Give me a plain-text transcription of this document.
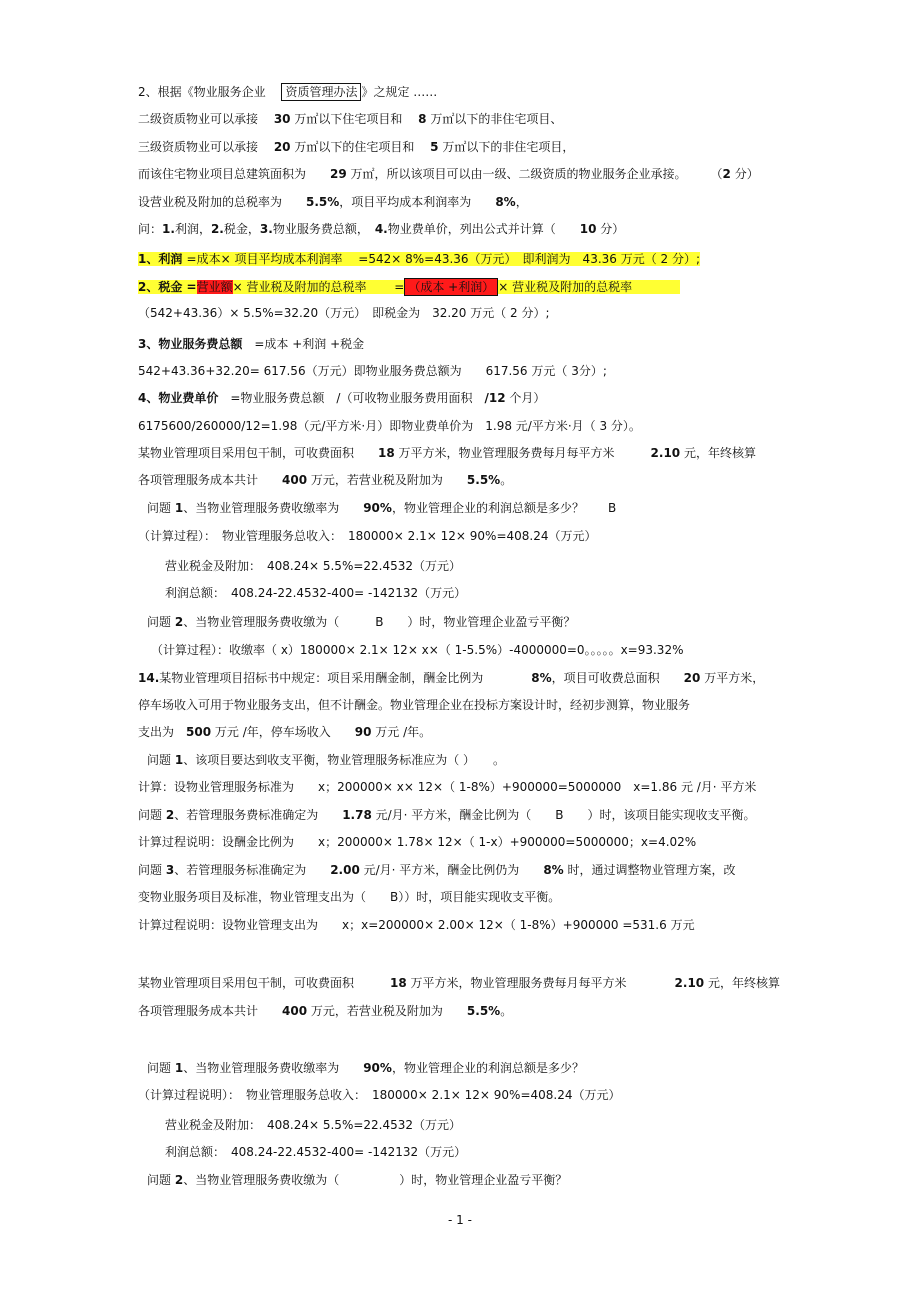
2、根据《物业服务企业　 资质管理办法 》之规定 ……
二级资质物业可以承接　 30 万㎡以下住宅项目和　 8 万㎡以下的非住宅项目、
三级资质物业可以承接　 20 万㎡以下的住宅项目和　 5 万㎡以下的非住宅项目，
而该住宅物业项目总建筑面积为　　29 万㎡，所以该项目可以由一级、二级资质的物业服务企业承接。　　　（2 分）
设营业税及附加的总税率为　　5.5%，项目平均成本利润率为　　8%，
问：1.利润，2.税金，3.物业服务费总额，　4.物业费单价，列出公式并计算（　　10 分）
1、利润 =成本× 项目平均成本利润率　 =542× 8%=43.36（万元）　即利润为　43.36 万元（ 2 分）;
2、税金 =营业额× 营业税及附加的总税率　　 = （成本 +利润） × 营业税及附加的总税率　　　　
（542+43.36）× 5.5%=32.20（万元）　即税金为　32.20 万元（ 2 分）;
3、物业服务费总额　=成本 +利润 +税金
542+43.36+32.20= 617.56（万元）即物业服务费总额为　　617.56 万元（ 3分）;
4、物业费单价　=物业服务费总额　/（可收物业服务费用面积　/12 个月）
6175600/260000/12=1.98（元/平方米·月）即物业费单价为　1.98 元/平方米·月（ 3 分）。
某物业管理项目采用包干制，可收费面积　　18 万平方米，物业管理服务费每月每平方米　　　2.10 元，年终核算
各项管理服务成本共计　　400 万元，若营业税及附加为　　5.5%。
问题 1、当物业管理服务费收缴率为　　90%，物业管理企业的利润总额是多少？　　B
（计算过程）：　物业管理服务总收入：　180000× 2.1× 12× 90%=408.24（万元）
营业税金及附加：　408.24× 5.5%=22.4532（万元）
利润总额：　408.24-22.4532-400= -142132（万元）
问题 2、当物业管理服务费收缴为（　　　B　　）时，物业管理企业盈亏平衡？
（计算过程）：收缴率（ x）180000× 2.1× 12× x×（ 1-5.5%）-4000000=0。。。。。x=93.32%
14.某物业管理项目招标书中规定：项目采用酬金制，酬金比例为　　　　8%，项目可收费总面积　　20 万平方米，
停车场收入可用于物业服务支出，但不计酬金。物业管理企业在投标方案设计时，经初步测算，物业服务
支出为　500 万元 /年，停车场收入　　90 万元 /年。
问题 1、该项目要达到收支平衡，物业管理服务标准应为（ ）　　。
计算：设物业管理服务标准为　　x；200000× x× 12×（ 1-8%）+900000=5000000　x=1.86 元 /月· 平方米
问题 2、若管理服务费标准确定为　　1.78 元/月· 平方米，酬金比例为（　　B　　）时，该项目能实现收支平衡。
计算过程说明：设酬金比例为　　x；200000× 1.78× 12×（ 1-x）+900000=5000000；x=4.02%
问题 3、若管理服务标准确定为　　2.00 元/月· 平方米，酬金比例仍为　　8% 时，通过调整物业管理方案，改
变物业服务项目及标准，物业管理支出为（　　B））时，项目能实现收支平衡。
计算过程说明：设物业管理支出为　　x；x=200000× 2.00× 12×（ 1-8%）+900000 =531.6 万元
某物业管理项目采用包干制，可收费面积　　　18 万平方米，物业管理服务费每月每平方米　　　　2.10 元，年终核算
各项管理服务成本共计　　400 万元，若营业税及附加为　　5.5%。
问题 1、当物业管理服务费收缴率为　　90%，物业管理企业的利润总额是多少？
（计算过程说明）：　物业管理服务总收入：　180000× 2.1× 12× 90%=408.24（万元）
营业税金及附加：　408.24× 5.5%=22.4532（万元）
利润总额：　408.24-22.4532-400= -142132（万元）
问题 2、当物业管理服务费收缴为（　　　　　）时，物业管理企业盈亏平衡？
- 1 -
